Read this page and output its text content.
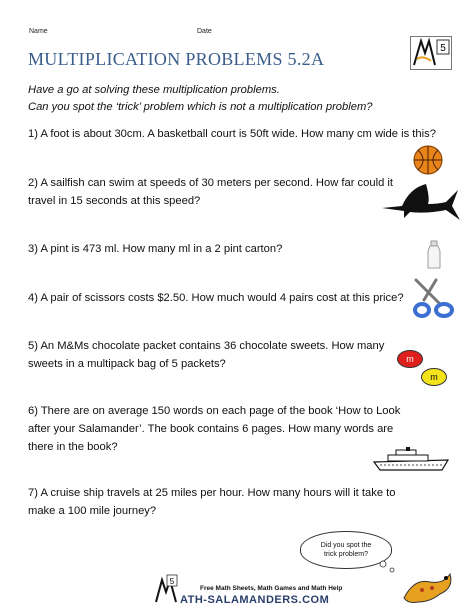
Name	Date
5
MULTIPLICATION PROBLEMS 5.2A
Have a go at solving these multiplication problems.
Can you spot the ‘trick’ problem which is not a multiplication problem?
1) A foot is about 30cm. A basketball court is 50ft wide. How many cm wide is this?
2) A sailfish can swim at speeds of 30 meters per second. How far could it travel in 15 seconds at this speed?
3) A pint is 473 ml. How many ml in a 2 pint carton?
4) A pair of scissors costs $2.50. How much would 4 pairs cost at this price?
5) An M&Ms chocolate packet contains 36 chocolate sweets. How many sweets in a multipack bag of 5 packets?
6) There are on average 150 words on each page of the book ‘How to Look after your Salamander’. The book contains 6 pages. How many words are there in the book?
7) A cruise ship travels at 25 miles per hour. How many hours will it take to make a 100 mile journey?
m
m
Did you spot the
trick problem?
5
Free Math Sheets, Math Games and Math Help
ATH-SALAMANDERS.COM
